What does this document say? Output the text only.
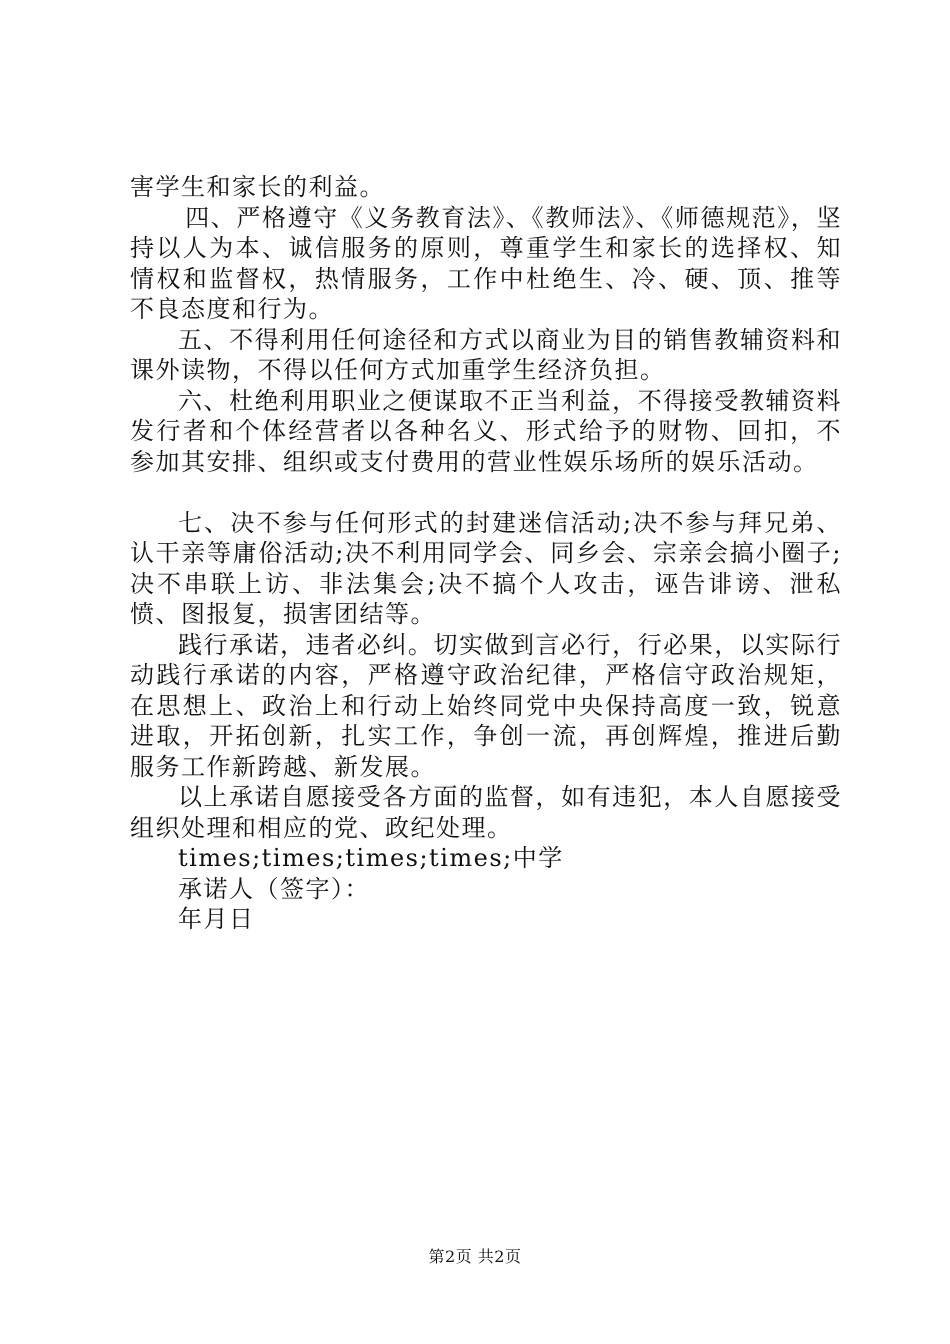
害学生和家长的利益。

四、严格遵守《义务教育法》、《教师法》、《师德规范》，坚持以人为本、诚信服务的原则，尊重学生和家长的选择权、知情权和监督权，热情服务，工作中杜绝生、冷、硬、顶、推等不良态度和行为。

五、不得利用任何途径和方式以商业为目的销售教辅资料和课外读物，不得以任何方式加重学生经济负担。

六、杜绝利用职业之便谋取不正当利益，不得接受教辅资料发行者和个体经营者以各种名义、形式给予的财物、回扣，不参加其安排、组织或支付费用的营业性娱乐场所的娱乐活动。

七、决不参与任何形式的封建迷信活动;决不参与拜兄弟、认干亲等庸俗活动;决不利用同学会、同乡会、宗亲会搞小圈子;决不串联上访、非法集会;决不搞个人攻击，诬告诽谤、泄私愤、图报复，损害团结等。

践行承诺，违者必纠。切实做到言必行，行必果，以实际行动践行承诺的内容，严格遵守政治纪律，严格信守政治规矩，在思想上、政治上和行动上始终同党中央保持高度一致，锐意进取，开拓创新，扎实工作，争创一流，再创辉煌，推进后勤服务工作新跨越、新发展。

以上承诺自愿接受各方面的监督，如有违犯，本人自愿接受组织处理和相应的党、政纪处理。

times;times;times;times;中学

承诺人（签字）：

年月日

第2页 共2页
